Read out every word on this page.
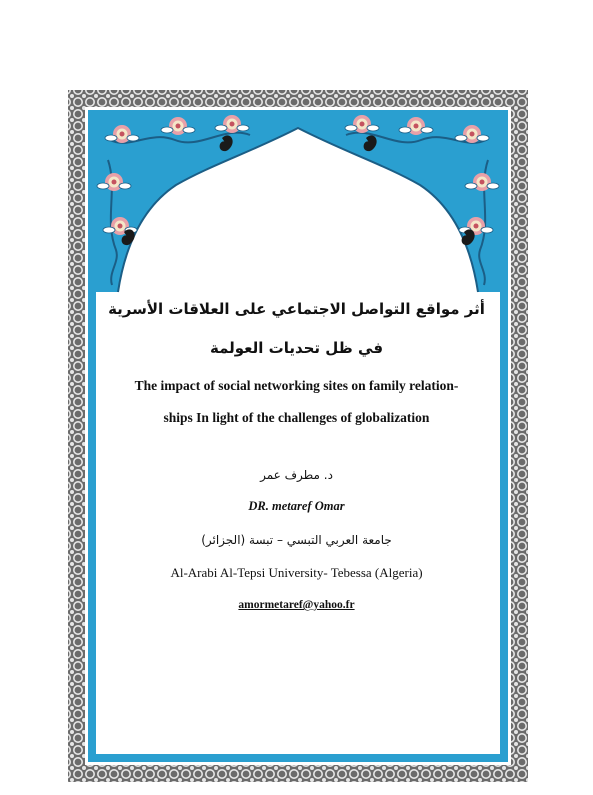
أثر مواقع التواصل الاجتماعي على العلاقات الأسرية
في ظل تحديات العولمة
The impact of social networking sites on family relation-
ships In light of the challenges of globalization
د. مطرف عمر
DR. metaref Omar
جامعة العربي التبسي – تبسة (الجزائر)
Al-Arabi Al-Tepsi University- Tebessa (Algeria)
amormetaref@yahoo.fr
